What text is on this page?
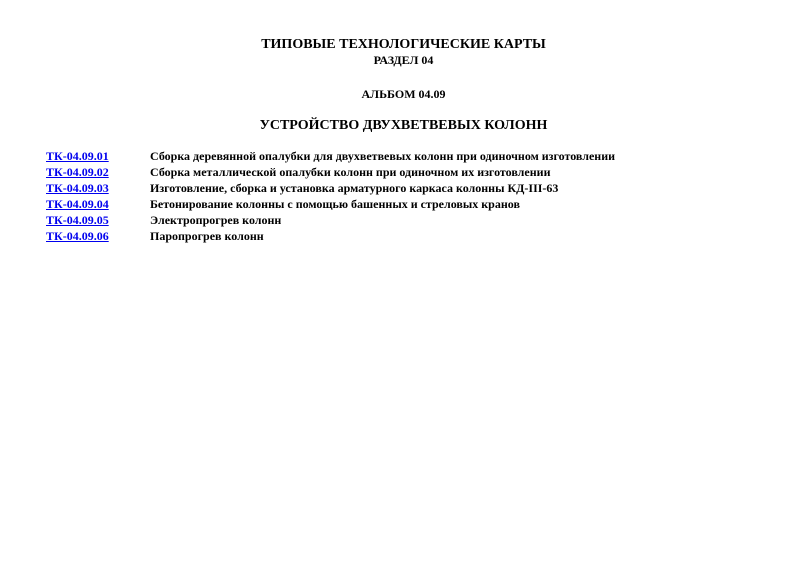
ТИПОВЫЕ ТЕХНОЛОГИЧЕСКИЕ КАРТЫ
РАЗДЕЛ 04
АЛЬБОМ 04.09
УСТРОЙСТВО ДВУХВЕТВЕВЫХ КОЛОНН
ТК-04.09.01	Сборка деревянной опалубки для двухветвевых колонн при одиночном изготовлении
ТК-04.09.02	Сборка металлической опалубки колонн при одиночном их изготовлении
ТК-04.09.03	Изготовление, сборка и установка арматурного каркаса колонны КД-III-63
ТК-04.09.04	Бетонирование колонны с помощью башенных и стреловых кранов
ТК-04.09.05	Электропрогрев колонн
ТК-04.09.06	Паропрогрев колонн
